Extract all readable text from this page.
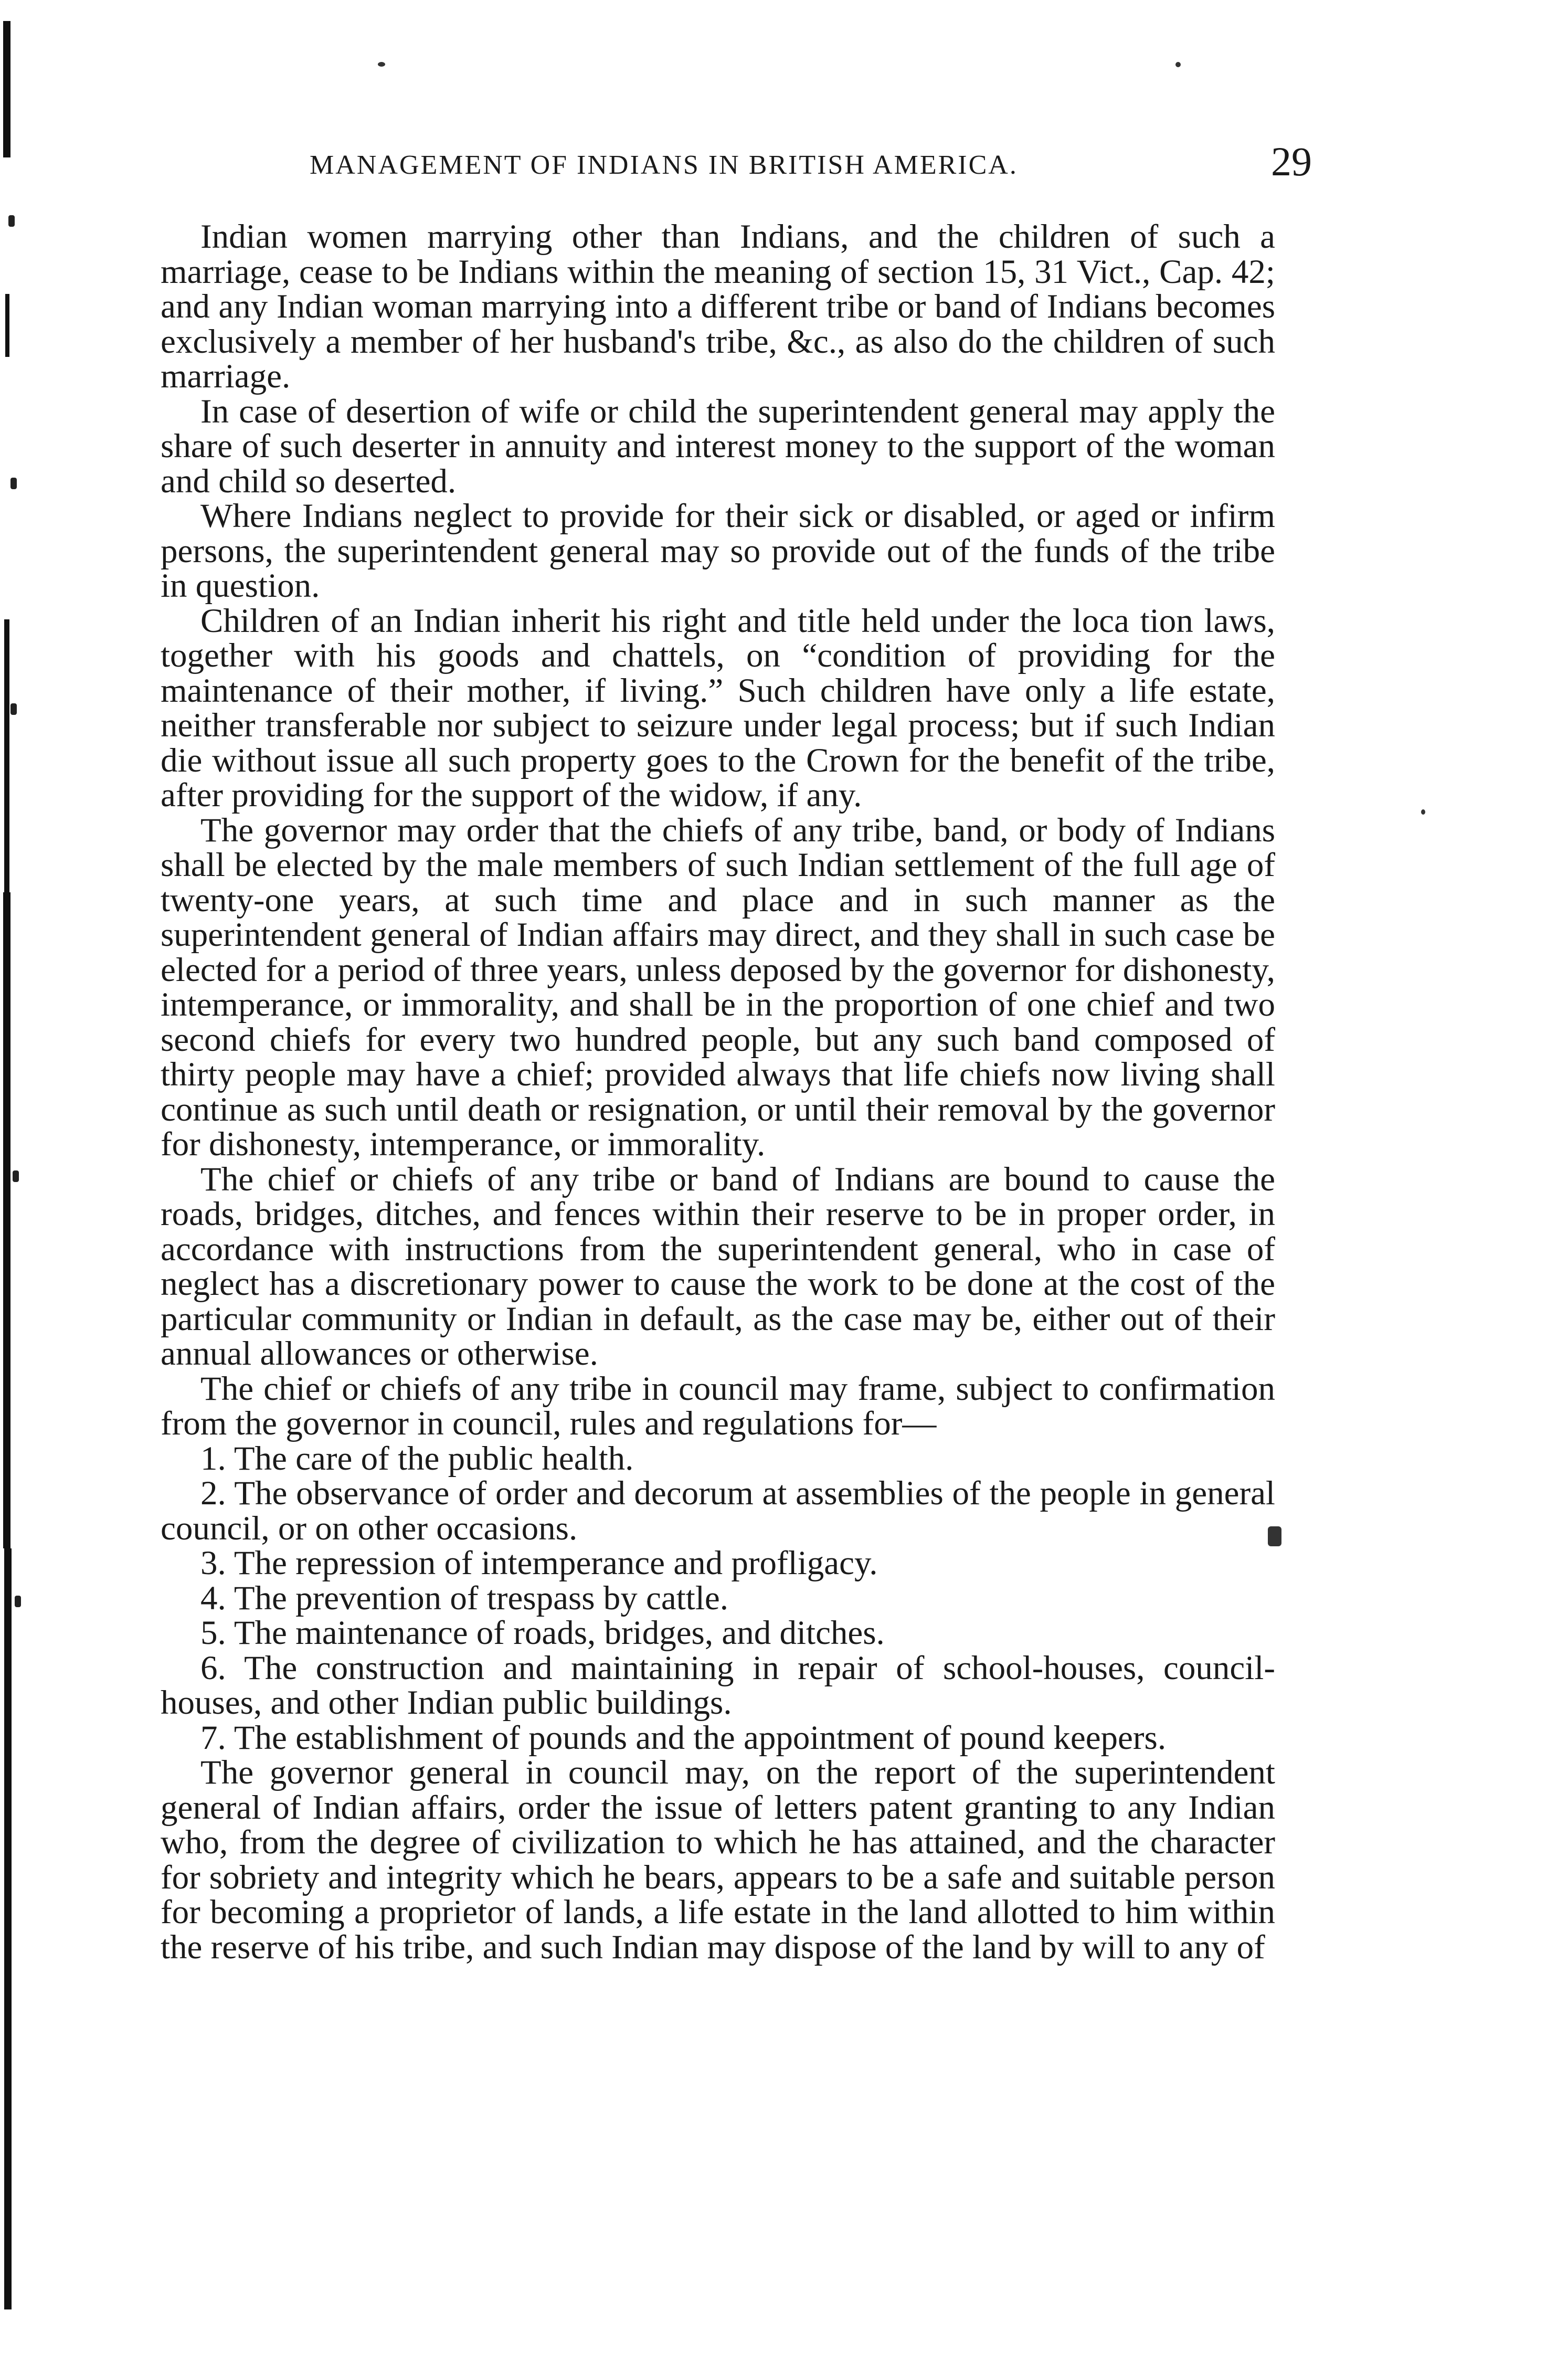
MANAGEMENT OF INDIANS IN BRITISH AMERICA.	29

Indian women marrying other than Indians, and the children of such a marriage, cease to be Indians within the meaning of section 15, 31 Vict., Cap. 42; and any Indian woman marrying into a different tribe or band of Indians becomes exclusively a member of her husband's tribe, &c., as also do the children of such marriage.

In case of desertion of wife or child the superintendent general may apply the share of such deserter in annuity and interest money to the support of the woman and child so deserted.

Where Indians neglect to provide for their sick or disabled, or aged or infirm persons, the superintendent general may so provide out of the funds of the tribe in question.

Children of an Indian inherit his right and title held under the loca tion laws, together with his goods and chattels, on “condition of providing for the maintenance of their mother, if living.” Such children have only a life estate, neither transferable nor subject to seizure under legal process; but if such Indian die without issue all such property goes to the Crown for the benefit of the tribe, after providing for the support of the widow, if any.

The governor may order that the chiefs of any tribe, band, or body of Indians shall be elected by the male members of such Indian settlement of the full age of twenty-one years, at such time and place and in such manner as the superintendent general of Indian affairs may direct, and they shall in such case be elected for a period of three years, unless deposed by the governor for dishonesty, intemperance, or immorality, and shall be in the proportion of one chief and two second chiefs for every two hundred people, but any such band composed of thirty people may have a chief; provided always that life chiefs now living shall continue as such until death or resignation, or until their removal by the governor for dishonesty, intemperance, or immorality.

The chief or chiefs of any tribe or band of Indians are bound to cause the roads, bridges, ditches, and fences within their reserve to be in proper order, in accordance with instructions from the superintendent general, who in case of neglect has a discretionary power to cause the work to be done at the cost of the particular community or Indian in default, as the case may be, either out of their annual allowances or otherwise.

The chief or chiefs of any tribe in council may frame, subject to confirmation from the governor in council, rules and regulations for—

1. The care of the public health.

2. The observance of order and decorum at assemblies of the people in general council, or on other occasions.

3. The repression of intemperance and profligacy.

4. The prevention of trespass by cattle.

5. The maintenance of roads, bridges, and ditches.

6. The construction and maintaining in repair of school-houses, council-houses, and other Indian public buildings.

7. The establishment of pounds and the appointment of pound keepers.

The governor general in council may, on the report of the superintendent general of Indian affairs, order the issue of letters patent granting to any Indian who, from the degree of civilization to which he has attained, and the character for sobriety and integrity which he bears, appears to be a safe and suitable person for becoming a proprietor of lands, a life estate in the land allotted to him within the reserve of his tribe, and such Indian may dispose of the land by will to any of
